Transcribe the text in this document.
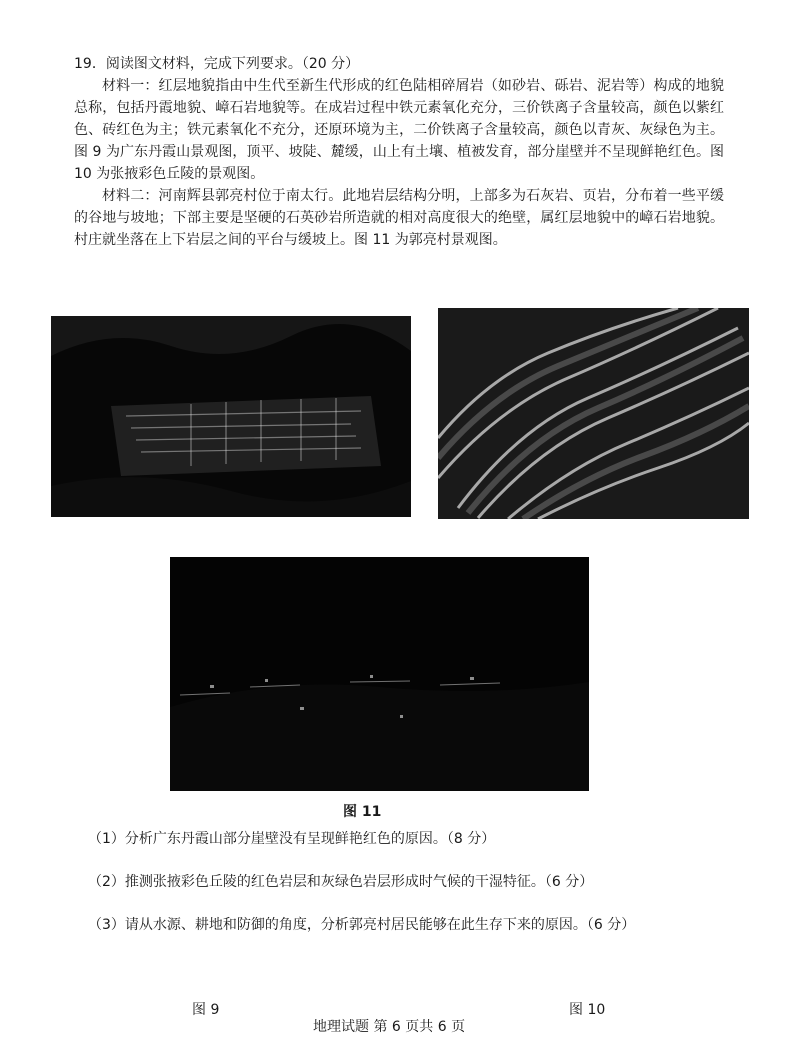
19．阅读图文材料，完成下列要求。（20 分）

材料一：红层地貌指由中生代至新生代形成的红色陆相碎屑岩（如砂岩、砾岩、泥岩等）构成的地貌总称，包括丹霞地貌、嶂石岩地貌等。在成岩过程中铁元素氧化充分，三价铁离子含量较高，颜色以紫红色、砖红色为主；铁元素氧化不充分，还原环境为主，二价铁离子含量较高，颜色以青灰、灰绿色为主。图 9 为广东丹霞山景观图，顶平、坡陡、麓缓，山上有土壤、植被发育，部分崖壁并不呈现鲜艳红色。图 10 为张掖彩色丘陵的景观图。

材料二：河南辉县郭亮村位于南太行。此地岩层结构分明，上部多为石灰岩、页岩，分布着一些平缓的谷地与坡地；下部主要是坚硬的石英砂岩所造就的相对高度很大的绝壁，属红层地貌中的嶂石岩地貌。村庄就坐落在上下岩层之间的平台与缓坡上。图 11 为郭亮村景观图。

图 11
（1）分析广东丹霞山部分崖壁没有呈现鲜艳红色的原因。（8 分）
（2）推测张掖彩色丘陵的红色岩层和灰绿色岩层形成时气候的干湿特征。（6 分）
（3）请从水源、耕地和防御的角度，分析郭亮村居民能够在此生存下来的原因。（6 分）
图 9	图 10
地理试题 第 6 页共 6 页
